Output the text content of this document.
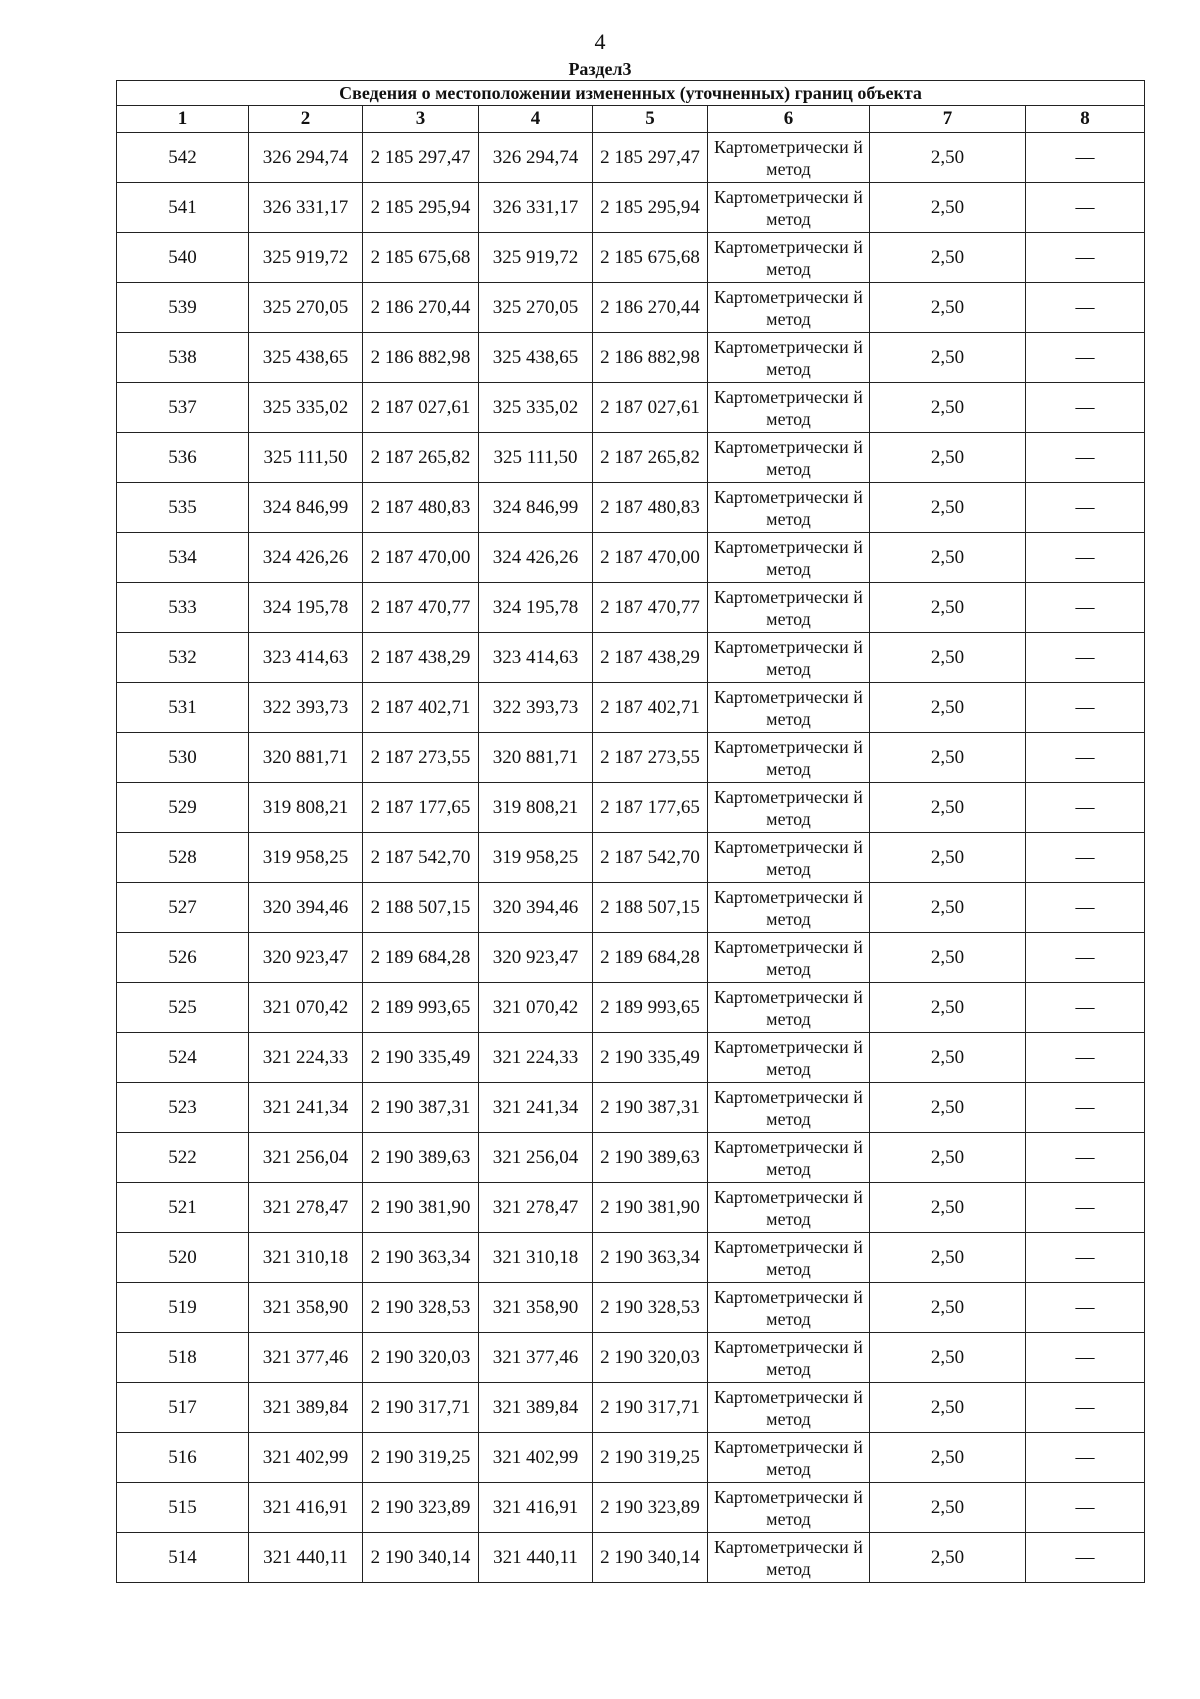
4
Раздел3
Сведения о местоположении измененных (уточненных) границ объекта							
1	2	3	4	5	6	7	8
542	326 294,74	2 185 297,47	326 294,74	2 185 297,47	Картометрически й метод	2,50	—
541	326 331,17	2 185 295,94	326 331,17	2 185 295,94	Картометрически й метод	2,50	—
540	325 919,72	2 185 675,68	325 919,72	2 185 675,68	Картометрически й метод	2,50	—
539	325 270,05	2 186 270,44	325 270,05	2 186 270,44	Картометрически й метод	2,50	—
538	325 438,65	2 186 882,98	325 438,65	2 186 882,98	Картометрически й метод	2,50	—
537	325 335,02	2 187 027,61	325 335,02	2 187 027,61	Картометрически й метод	2,50	—
536	325 111,50	2 187 265,82	325 111,50	2 187 265,82	Картометрически й метод	2,50	—
535	324 846,99	2 187 480,83	324 846,99	2 187 480,83	Картометрически й метод	2,50	—
534	324 426,26	2 187 470,00	324 426,26	2 187 470,00	Картометрически й метод	2,50	—
533	324 195,78	2 187 470,77	324 195,78	2 187 470,77	Картометрически й метод	2,50	—
532	323 414,63	2 187 438,29	323 414,63	2 187 438,29	Картометрически й метод	2,50	—
531	322 393,73	2 187 402,71	322 393,73	2 187 402,71	Картометрически й метод	2,50	—
530	320 881,71	2 187 273,55	320 881,71	2 187 273,55	Картометрически й метод	2,50	—
529	319 808,21	2 187 177,65	319 808,21	2 187 177,65	Картометрически й метод	2,50	—
528	319 958,25	2 187 542,70	319 958,25	2 187 542,70	Картометрически й метод	2,50	—
527	320 394,46	2 188 507,15	320 394,46	2 188 507,15	Картометрически й метод	2,50	—
526	320 923,47	2 189 684,28	320 923,47	2 189 684,28	Картометрически й метод	2,50	—
525	321 070,42	2 189 993,65	321 070,42	2 189 993,65	Картометрически й метод	2,50	—
524	321 224,33	2 190 335,49	321 224,33	2 190 335,49	Картометрически й метод	2,50	—
523	321 241,34	2 190 387,31	321 241,34	2 190 387,31	Картометрически й метод	2,50	—
522	321 256,04	2 190 389,63	321 256,04	2 190 389,63	Картометрически й метод	2,50	—
521	321 278,47	2 190 381,90	321 278,47	2 190 381,90	Картометрически й метод	2,50	—
520	321 310,18	2 190 363,34	321 310,18	2 190 363,34	Картометрически й метод	2,50	—
519	321 358,90	2 190 328,53	321 358,90	2 190 328,53	Картометрически й метод	2,50	—
518	321 377,46	2 190 320,03	321 377,46	2 190 320,03	Картометрически й метод	2,50	—
517	321 389,84	2 190 317,71	321 389,84	2 190 317,71	Картометрически й метод	2,50	—
516	321 402,99	2 190 319,25	321 402,99	2 190 319,25	Картометрически й метод	2,50	—
515	321 416,91	2 190 323,89	321 416,91	2 190 323,89	Картометрически й метод	2,50	—
514	321 440,11	2 190 340,14	321 440,11	2 190 340,14	Картометрически й метод	2,50	—
